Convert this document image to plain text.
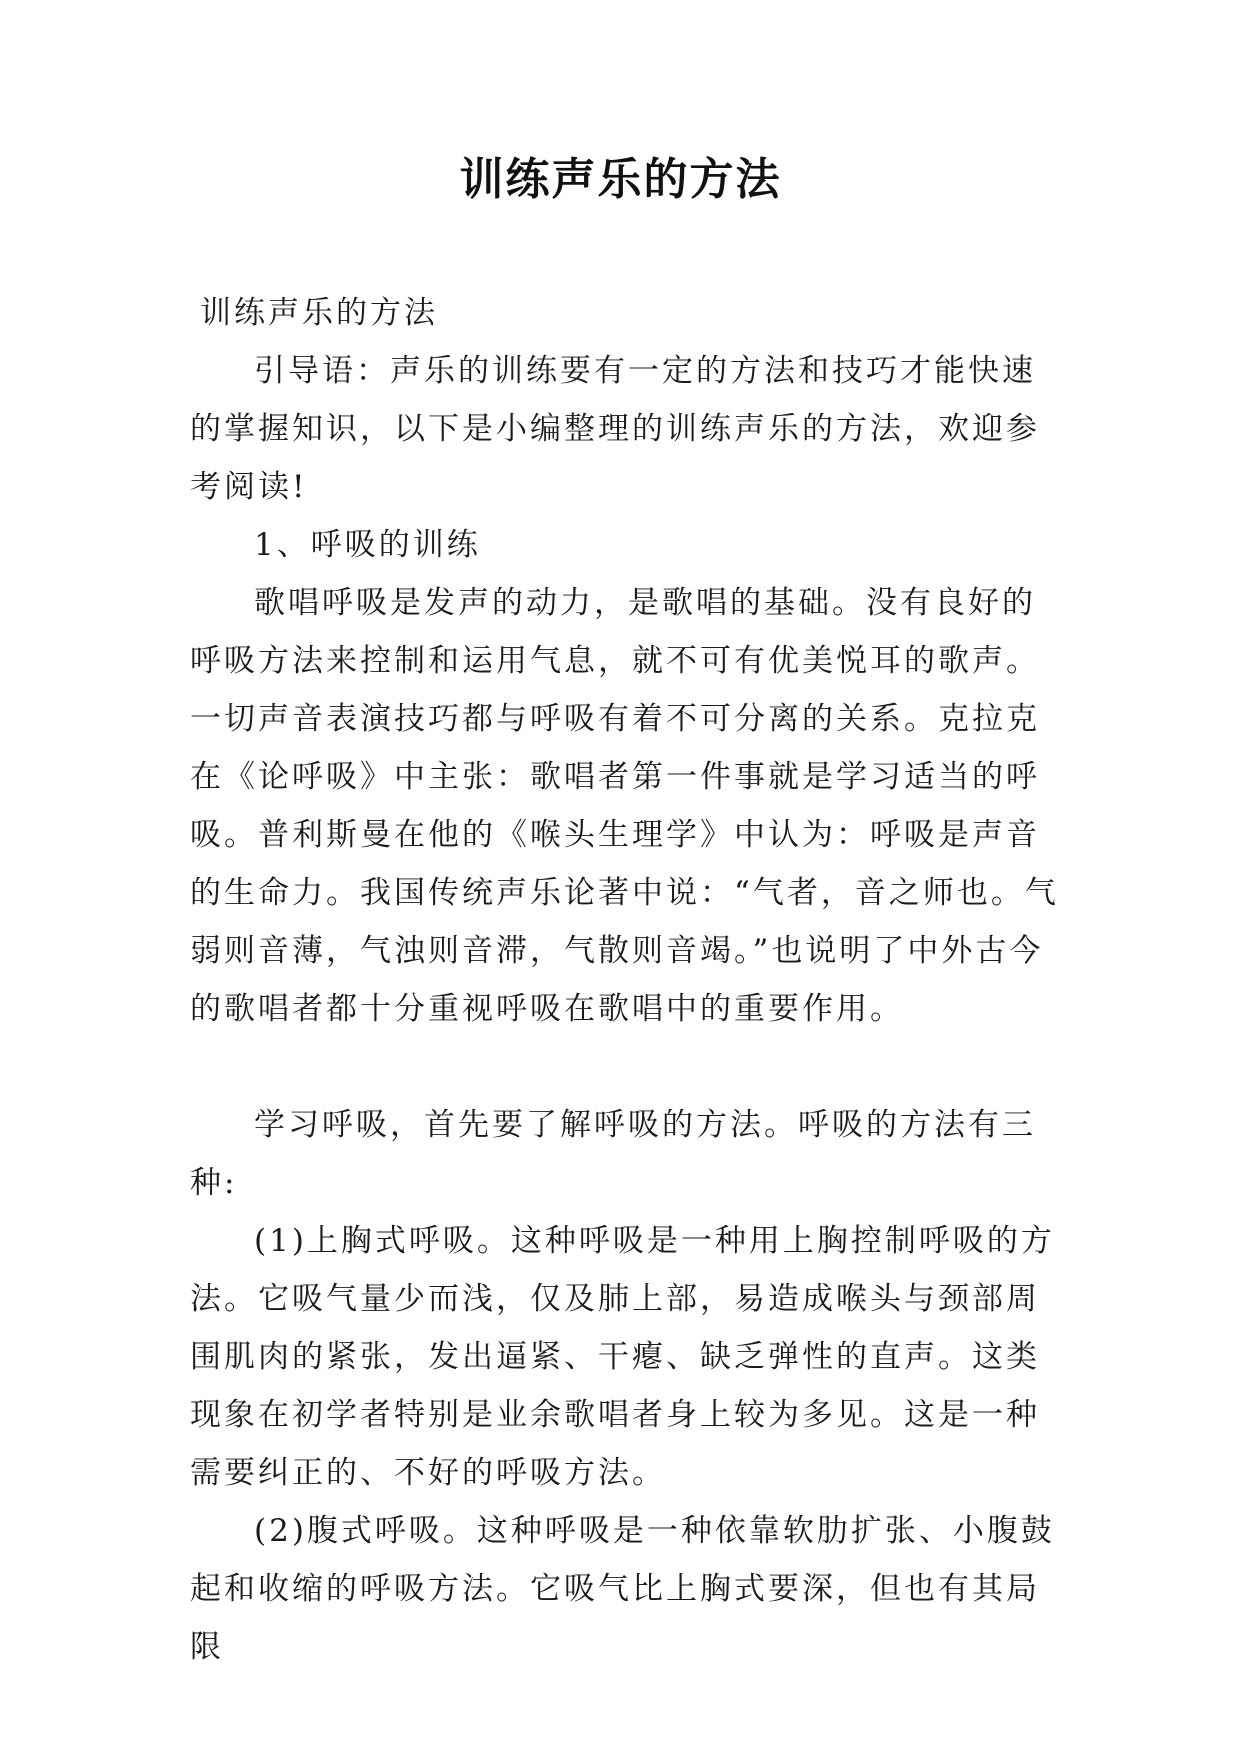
训练声乐的方法

训练声乐的方法

引导语：声乐的训练要有一定的方法和技巧才能快速的掌握知识，以下是小编整理的训练声乐的方法，欢迎参考阅读!

1、呼吸的训练

歌唱呼吸是发声的动力，是歌唱的基础。没有良好的呼吸方法来控制和运用气息，就不可有优美悦耳的歌声。一切声音表演技巧都与呼吸有着不可分离的关系。克拉克在《论呼吸》中主张：歌唱者第一件事就是学习适当的呼吸。普利斯曼在他的《喉头生理学》中认为：呼吸是声音的生命力。我国传统声乐论著中说：“气者，音之师也。气弱则音薄，气浊则音滞，气散则音竭。”也说明了中外古今的歌唱者都十分重视呼吸在歌唱中的重要作用。

学习呼吸，首先要了解呼吸的方法。呼吸的方法有三种:

(1)上胸式呼吸。这种呼吸是一种用上胸控制呼吸的方法。它吸气量少而浅，仅及肺上部，易造成喉头与颈部周围肌肉的紧张，发出逼紧、干瘪、缺乏弹性的直声。这类现象在初学者特别是业余歌唱者身上较为多见。这是一种需要纠正的、不好的呼吸方法。

(2)腹式呼吸。这种呼吸是一种依靠软肋扩张、小腹鼓起和收缩的呼吸方法。它吸气比上胸式要深，但也有其局限
